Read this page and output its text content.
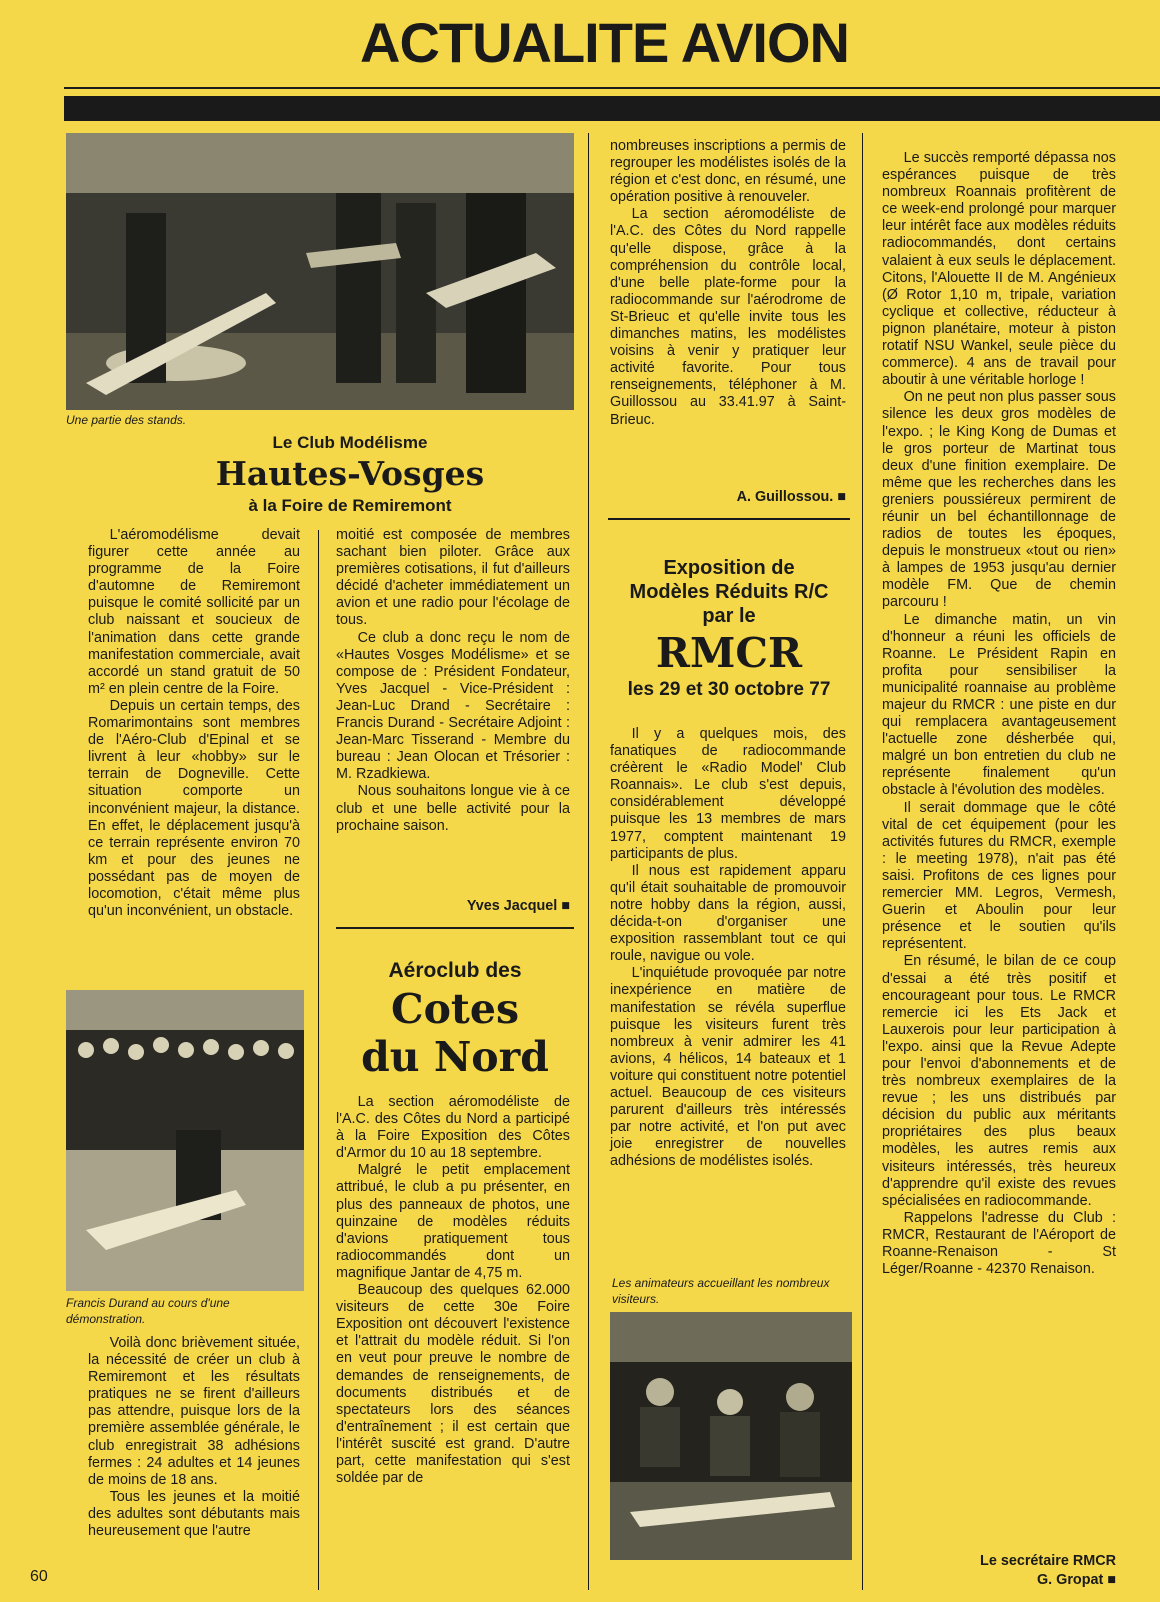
ACTUALITE AVION
Une partie des stands.
Le Club Modélisme
Hautes-Vosges
à la Foire de Remiremont

L'aéromodélisme devait figurer cette année au programme de la Foire d'automne de Remiremont puisque le comité sollicité par un club naissant et soucieux de l'animation dans cette grande manifestation commerciale, avait accordé un stand gratuit de 50 m² en plein centre de la Foire.

Depuis un certain temps, des Romarimontains sont membres de l'Aéro-Club d'Epinal et se livrent à leur «hobby» sur le terrain de Dogneville. Cette situation comporte un inconvénient majeur, la distance. En effet, le déplacement jusqu'à ce terrain représente environ 70 km et pour des jeunes ne possédant pas de moyen de locomotion, c'était même plus qu'un inconvénient, un obstacle.

Francis Durand au cours d'une démonstration.

Voilà donc brièvement située, la nécessité de créer un club à Remiremont et les résultats pratiques ne se firent d'ailleurs pas attendre, puisque lors de la première assemblée générale, le club enregistrait 38 adhésions fermes : 24 adultes et 14 jeunes de moins de 18 ans.

Tous les jeunes et la moitié des adultes sont débutants mais heureusement que l'autre

60

moitié est composée de membres sachant bien piloter. Grâce aux premières cotisations, il fut d'ailleurs décidé d'acheter immédiatement un avion et une radio pour l'écolage de tous.

Ce club a donc reçu le nom de «Hautes Vosges Modélisme» et se compose de : Président Fondateur, Yves Jacquel - Vice-Président : Jean-Luc Drand - Secrétaire : Francis Durand - Secrétaire Adjoint : Jean-Marc Tisserand - Membre du bureau : Jean Olocan et Trésorier : M. Rzadkiewa.

Nous souhaitons longue vie à ce club et une belle activité pour la prochaine saison.

Yves Jacquel ■
Aéroclub des
Cotes
du Nord

La section aéromodéliste de l'A.C. des Côtes du Nord a participé à la Foire Exposition des Côtes d'Armor du 10 au 18 septembre.

Malgré le petit emplacement attribué, le club a pu présenter, en plus des panneaux de photos, une quinzaine de modèles réduits d'avions pratiquement tous radiocommandés dont un magnifique Jantar de 4,75 m.

Beaucoup des quelques 62.000 visiteurs de cette 30e Foire Exposition ont découvert l'existence et l'attrait du modèle réduit. Si l'on en veut pour preuve le nombre de demandes de renseignements, de documents distribués et de spectateurs lors des séances d'entraînement ; il est certain que l'intérêt suscité est grand. D'autre part, cette manifestation qui s'est soldée par de

nombreuses inscriptions a permis de regrouper les modélistes isolés de la région et c'est donc, en résumé, une opération positive à renouveler.

La section aéromodéliste de l'A.C. des Côtes du Nord rappelle qu'elle dispose, grâce à la compréhension du contrôle local, d'une belle plate-forme pour la radiocommande sur l'aérodrome de St-Brieuc et qu'elle invite tous les dimanches matins, les modélistes voisins à venir y pratiquer leur activité favorite. Pour tous renseignements, téléphoner à M. Guillossou au 33.41.97 à Saint-Brieuc.

A. Guillossou. ■
Exposition de
Modèles Réduits R/C
par le
RMCR
les 29 et 30 octobre 77

Il y a quelques mois, des fanatiques de radiocommande créèrent le «Radio Model' Club Roannais». Le club s'est depuis, considérablement développé puisque les 13 membres de mars 1977, comptent maintenant 19 participants de plus.

Il nous est rapidement apparu qu'il était souhaitable de promouvoir notre hobby dans la région, aussi, décida-t-on d'organiser une exposition rassemblant tout ce qui roule, navigue ou vole.

L'inquiétude provoquée par notre inexpérience en matière de manifestation se révéla superflue puisque les visiteurs furent très nombreux à venir admirer les 41 avions, 4 hélicos, 14 bateaux et 1 voiture qui constituent notre potentiel actuel. Beaucoup de ces visiteurs parurent d'ailleurs très intéressés par notre activité, et l'on put avec joie enregistrer de nouvelles adhésions de modélistes isolés.

Les animateurs accueillant les nombreux visiteurs.

Le succès remporté dépassa nos espérances puisque de très nombreux Roannais profitèrent de ce week-end prolongé pour marquer leur intérêt face aux modèles réduits radiocommandés, dont certains valaient à eux seuls le déplacement. Citons, l'Alouette II de M. Angénieux (Ø Rotor 1,10 m, tripale, variation cyclique et collective, réducteur à pignon planétaire, moteur à piston rotatif NSU Wankel, seule pièce du commerce). 4 ans de travail pour aboutir à une véritable horloge !

On ne peut non plus passer sous silence les deux gros modèles de l'expo. ; le King Kong de Dumas et le gros porteur de Martinat tous deux d'une finition exemplaire. De même que les recherches dans les greniers poussiéreux permirent de réunir un bel échantillonnage de radios de toutes les époques, depuis le monstrueux «tout ou rien» à lampes de 1953 jusqu'au dernier modèle FM. Que de chemin parcouru !

Le dimanche matin, un vin d'honneur a réuni les officiels de Roanne. Le Président Rapin en profita pour sensibiliser la municipalité roannaise au problème majeur du RMCR : une piste en dur qui remplacera avantageusement l'actuelle zone désherbée qui, malgré un bon entretien du club ne représente finalement qu'un obstacle à l'évolution des modèles.

Il serait dommage que le côté vital de cet équipement (pour les activités futures du RMCR, exemple : le meeting 1978), n'ait pas été saisi. Profitons de ces lignes pour remercier MM. Legros, Vermesh, Guerin et Aboulin pour leur présence et le soutien qu'ils représentent.

En résumé, le bilan de ce coup d'essai a été très positif et encourageant pour tous. Le RMCR remercie ici les Ets Jack et Lauxerois pour leur participation à l'expo. ainsi que la Revue Adepte pour l'envoi d'abonnements et de très nombreux exemplaires de la revue ; les uns distribués par décision du public aux méritants propriétaires des plus beaux modèles, les autres remis aux visiteurs intéressés, très heureux d'apprendre qu'il existe des revues spécialisées en radiocommande.

Rappelons l'adresse du Club : RMCR, Restaurant de l'Aéroport de Roanne-Renaison - St Léger/Roanne - 42370 Renaison.

Le secrétaire RMCR
G. Gropat ■
